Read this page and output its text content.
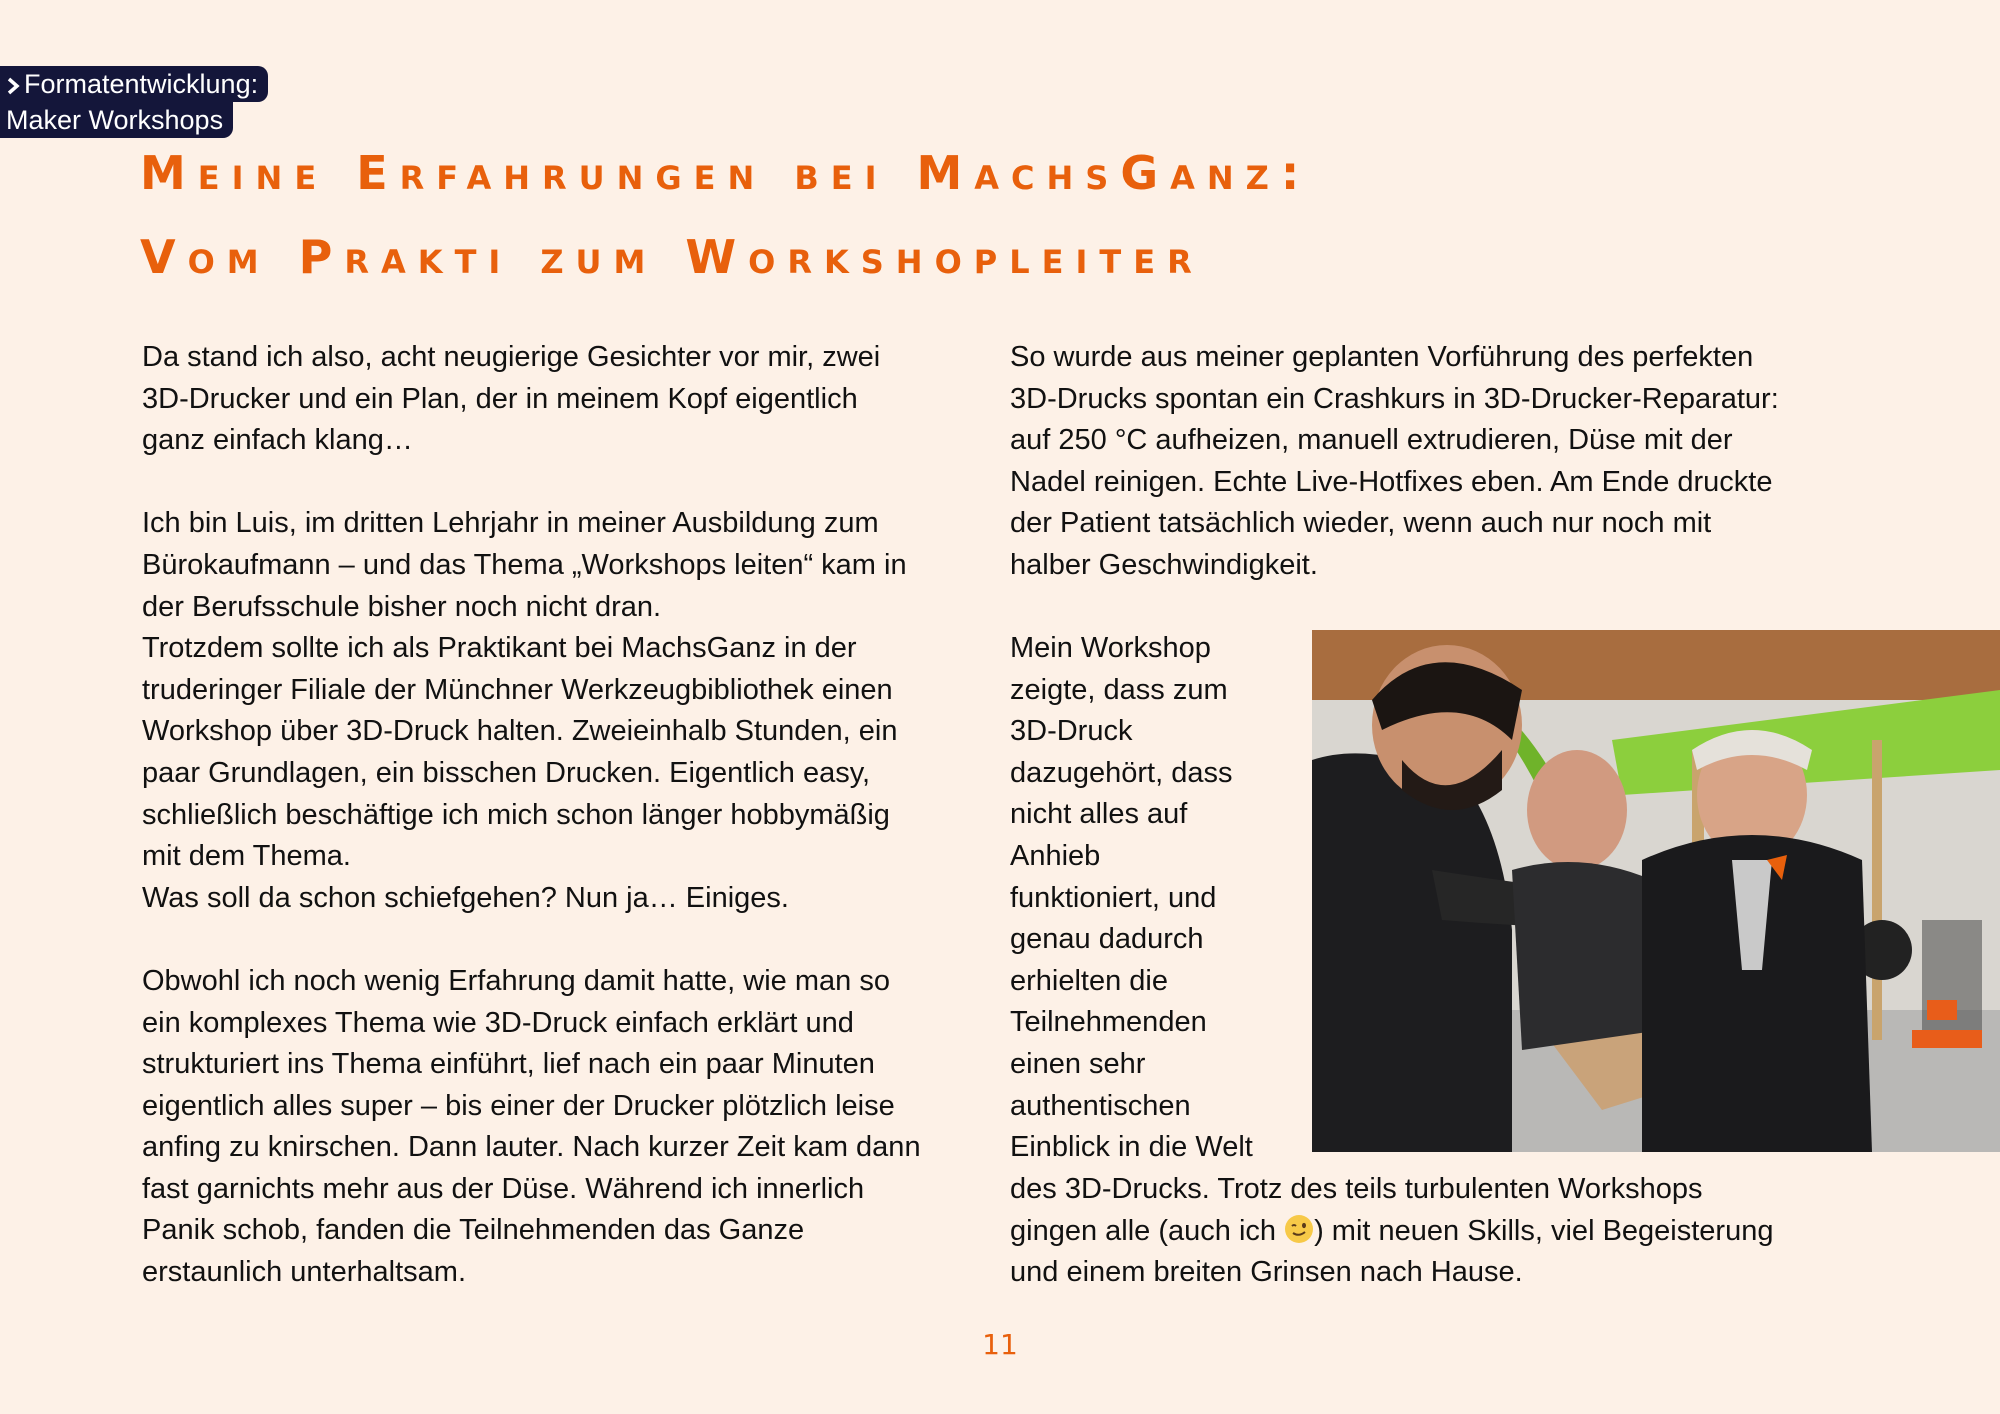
Formatentwicklung:
Maker Workshops
Meine Erfahrungen bei MachsGanz:
Vom Prakti zum Workshopleiter

Da stand ich also, acht neugierige Gesichter vor mir, zwei

3D-Drucker und ein Plan, der in meinem Kopf eigentlich

ganz einfach klang…

Ich bin Luis, im dritten Lehrjahr in meiner Ausbildung zum

Bürokaufmann – und das Thema „Workshops leiten“ kam in

der Berufsschule bisher noch nicht dran.

Trotzdem sollte ich als Praktikant bei MachsGanz in der

truderinger Filiale der Münchner Werkzeugbibliothek einen

Workshop über 3D-Druck halten. Zweieinhalb Stunden, ein

paar Grundlagen, ein bisschen Drucken. Eigentlich easy,

schließlich beschäftige ich mich schon länger hobbymäßig

mit dem Thema.

Was soll da schon schiefgehen? Nun ja… Einiges.

Obwohl ich noch wenig Erfahrung damit hatte, wie man so

ein komplexes Thema wie 3D-Druck einfach erklärt und

strukturiert ins Thema einführt, lief nach ein paar Minuten

eigentlich alles super – bis einer der Drucker plötzlich leise

anfing zu knirschen. Dann lauter. Nach kurzer Zeit kam dann

fast garnichts mehr aus der Düse. Während ich innerlich

Panik schob, fanden die Teilnehmenden das Ganze

erstaunlich unterhaltsam.

So wurde aus meiner geplanten Vorführung des perfekten

3D-Drucks spontan ein Crashkurs in 3D-Drucker-Reparatur:

auf 250 °C aufheizen, manuell extrudieren, Düse mit der

Nadel reinigen. Echte Live-Hotfixes eben. Am Ende druckte

der Patient tatsächlich wieder, wenn auch nur noch mit

halber Geschwindigkeit.

Mein Workshop

zeigte, dass zum

3D-Druck

dazugehört, dass

nicht alles auf

Anhieb

funktioniert, und

genau dadurch

erhielten die

Teilnehmenden

einen sehr

authentischen

Einblick in die Welt

des 3D-Drucks. Trotz des teils turbulenten Workshops

gingen alle (auch ich ) mit neuen Skills, viel Begeisterung

und einem breiten Grinsen nach Hause.

11
